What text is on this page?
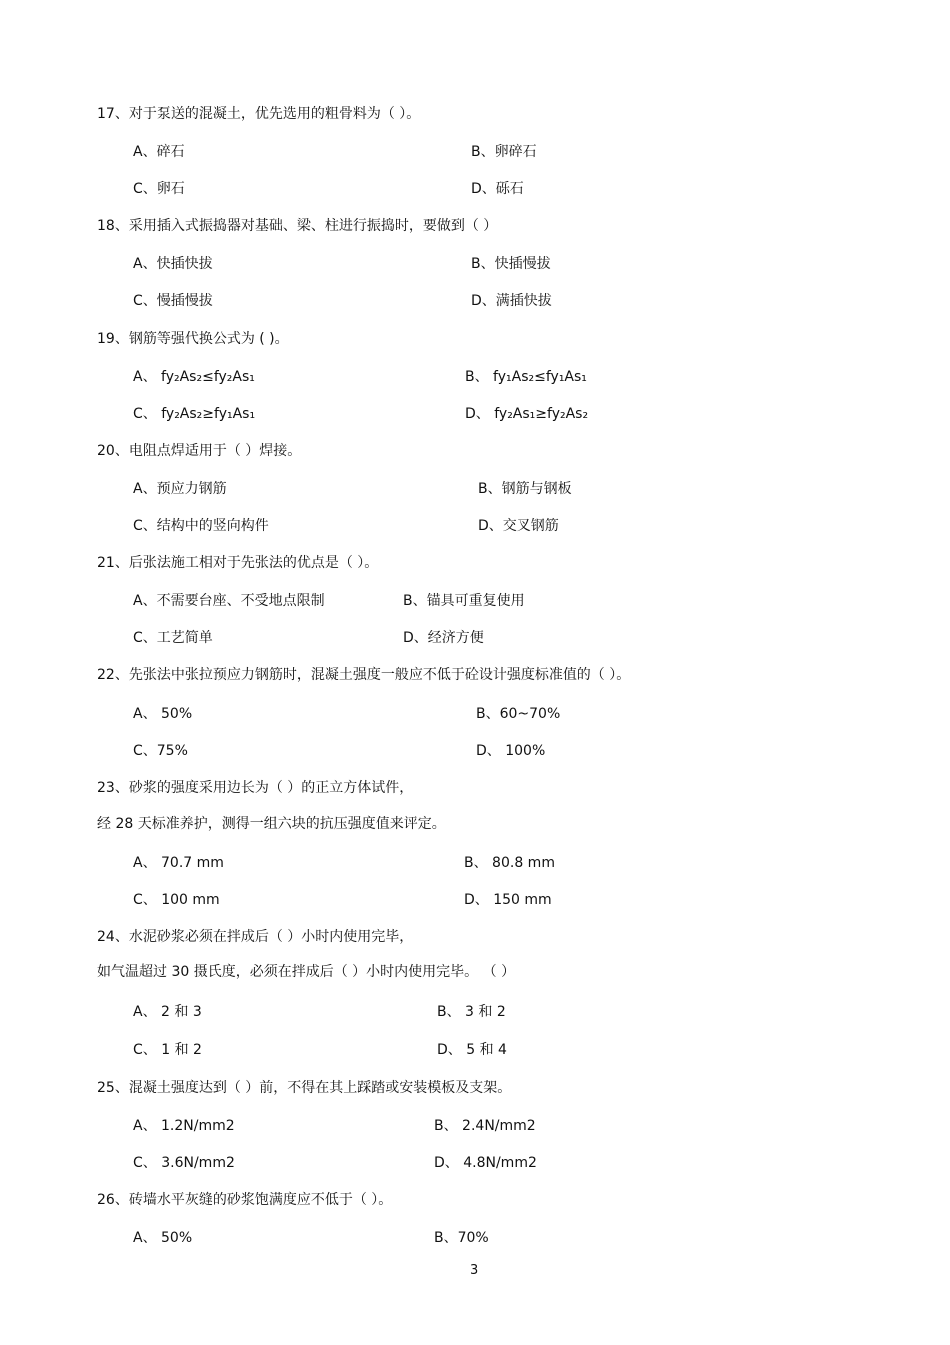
17、对于泵送的混凝土，优先选用的粗骨料为（ ）。
A、碎石	B、卵碎石
C、卵石	D、砾石
18、采用插入式振捣器对基础、梁、柱进行振捣时，要做到（ ）
A、快插快拔	B、快插慢拔
C、慢插慢拔	D、满插快拔
19、钢筋等强代换公式为 ( )。
A、 fy₂As₂≤fy₂As₁	B、 fy₁As₂≤fy₁As₁
C、 fy₂As₂≥fy₁As₁	D、 fy₂As₁≥fy₂As₂
20、电阻点焊适用于（ ）焊接。
A、预应力钢筋	B、钢筋与钢板
C、结构中的竖向构件	D、交叉钢筋
21、后张法施工相对于先张法的优点是（ ）。
A、不需要台座、不受地点限制	B、锚具可重复使用
C、工艺简单	D、经济方便
22、先张法中张拉预应力钢筋时，混凝土强度一般应不低于砼设计强度标准值的（ ）。
A、 50%	B、60~70%
C、75%	D、 100%
23、砂浆的强度采用边长为（ ）的正立方体试件，
经 28 天标准养护，测得一组六块的抗压强度值来评定。
A、 70.7 mm	B、 80.8 mm
C、 100 mm	D、 150 mm
24、水泥砂浆必须在拌成后（ ）小时内使用完毕，
如气温超过 30 摄氏度，必须在拌成后（ ）小时内使用完毕。 （ ）
A、 2 和 3	B、 3 和 2
C、 1 和 2	D、 5 和 4
25、混凝土强度达到（ ）前，不得在其上踩踏或安装模板及支架。
A、 1.2N/mm2	B、 2.4N/mm2
C、 3.6N/mm2	D、 4.8N/mm2
26、砖墙水平灰缝的砂浆饱满度应不低于（ ）。
A、 50%	B、70%
3
